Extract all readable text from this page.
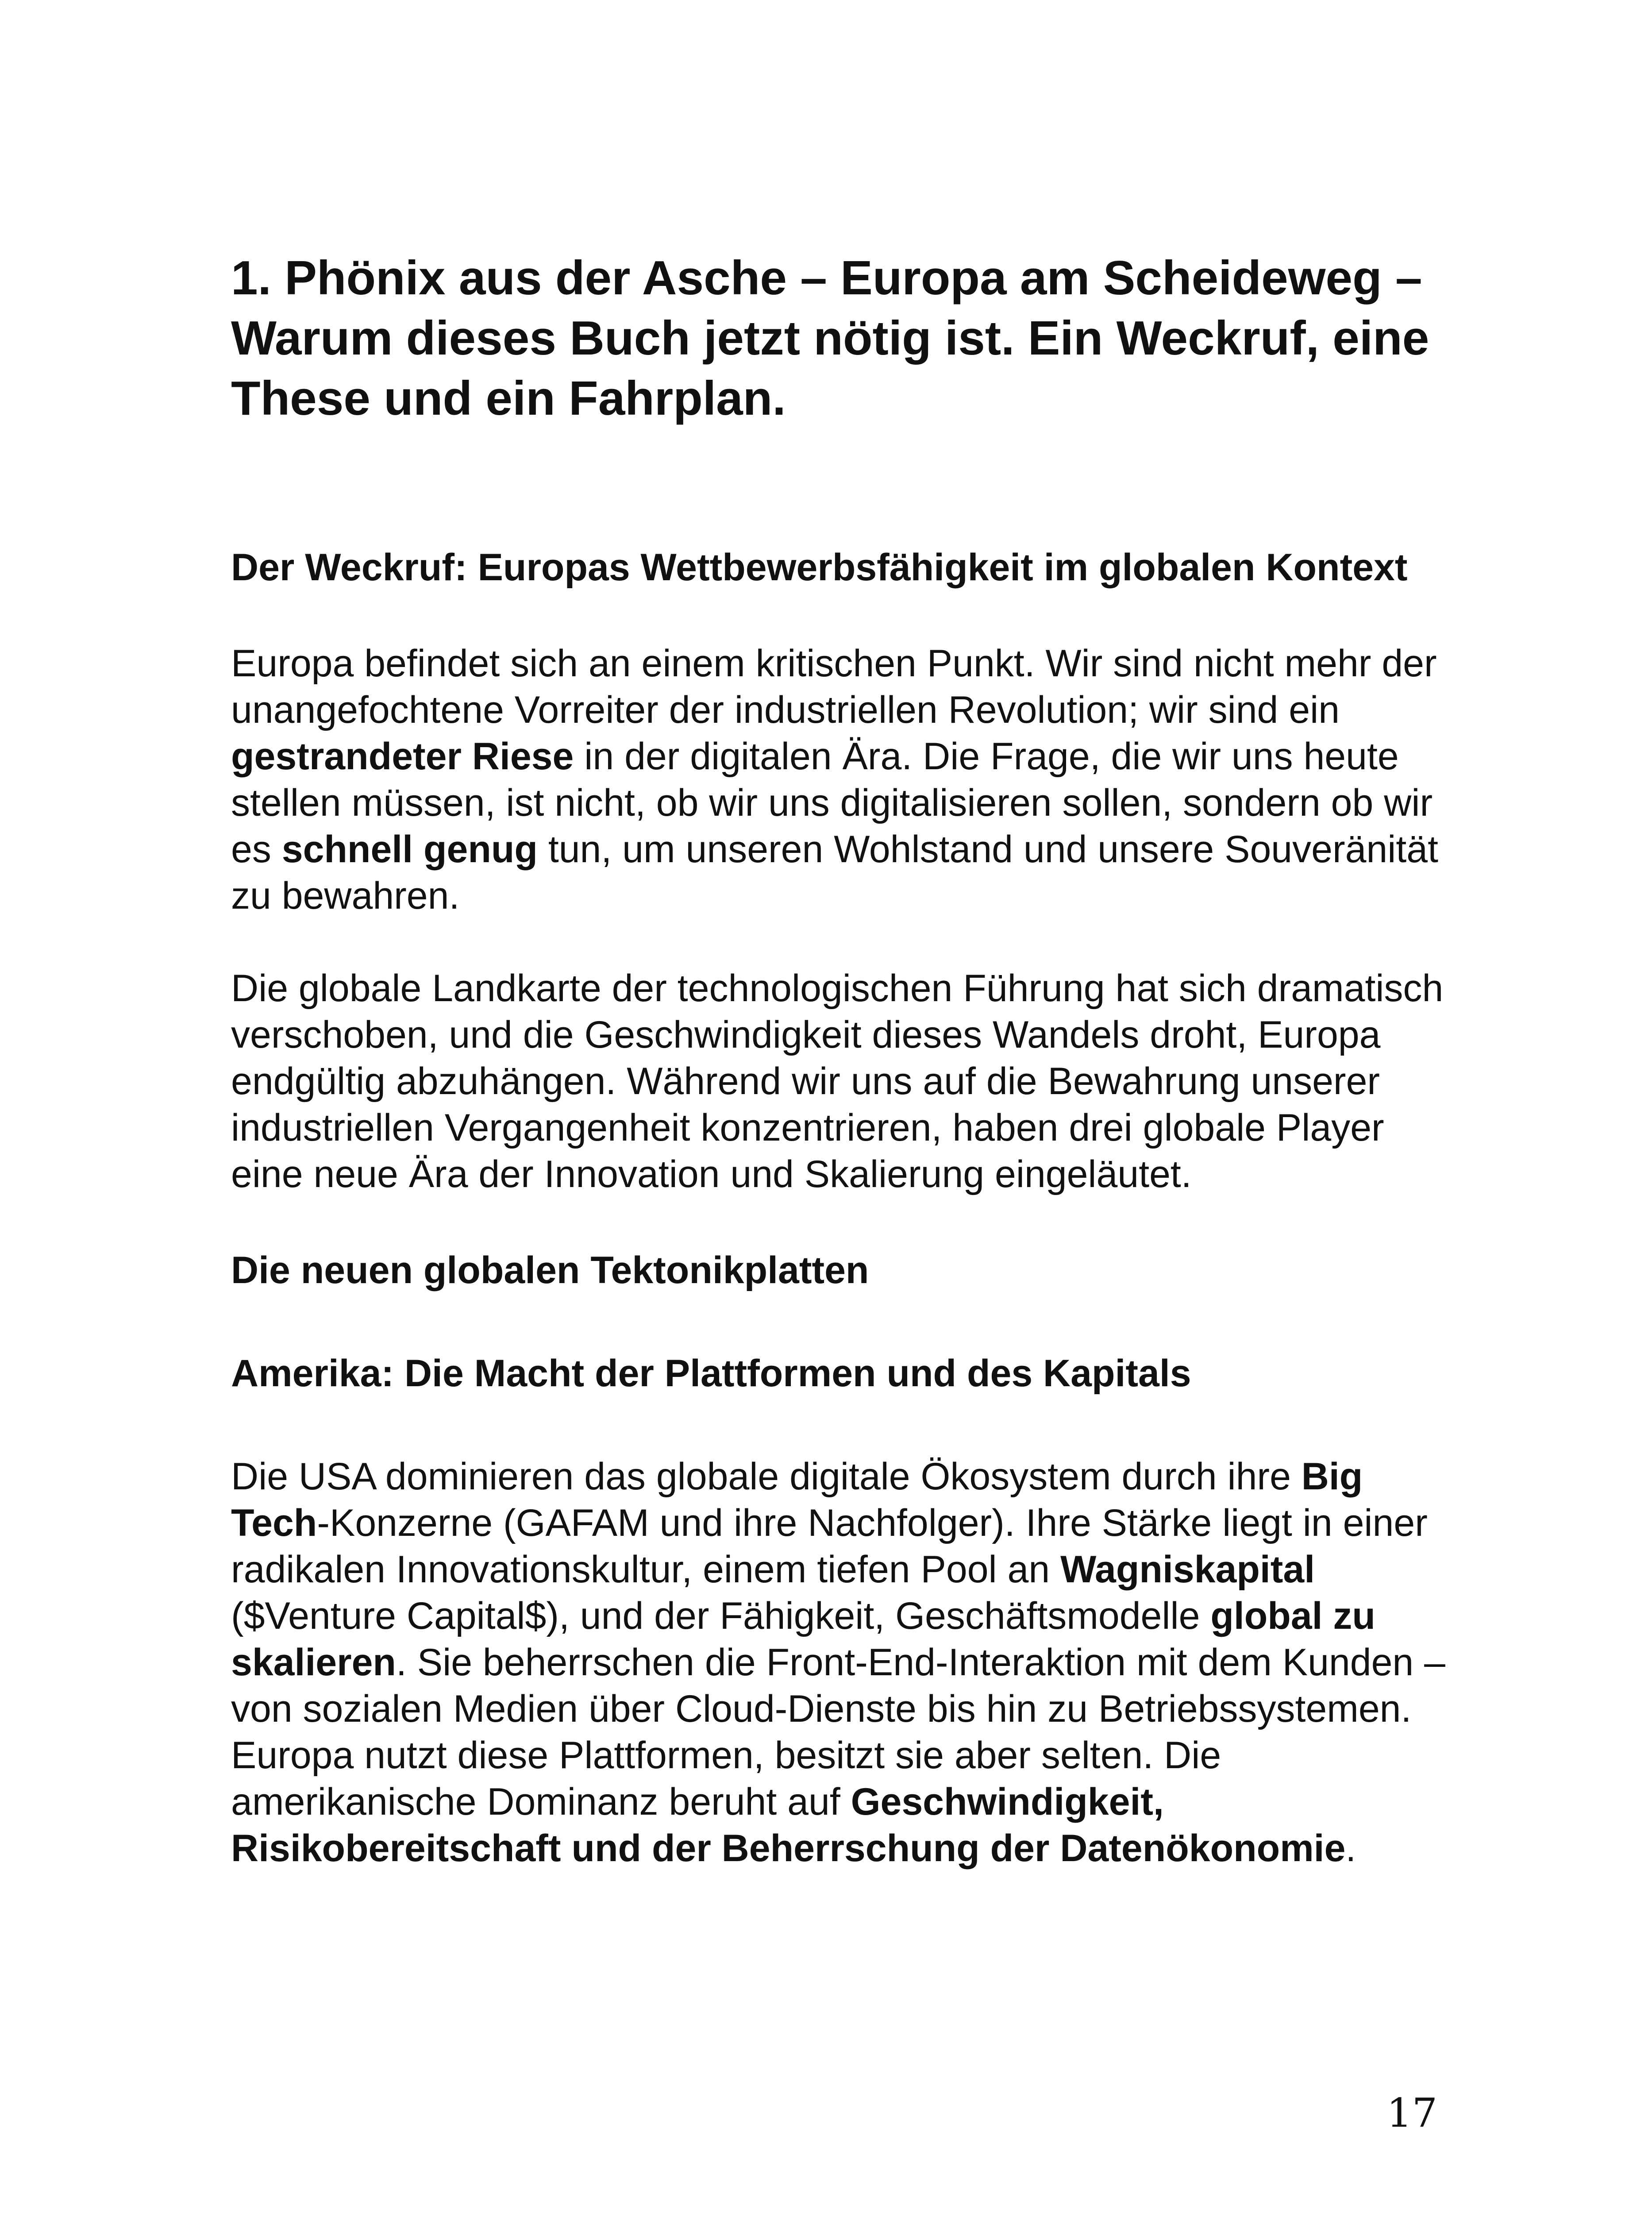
1. Phönix aus der Asche – Europa am Scheideweg – Warum dieses Buch jetzt nötig ist. Ein Weckruf, eine These und ein Fahrplan.
Der Weckruf: Europas Wettbewerbsfähigkeit im globalen Kontext

Europa befindet sich an einem kritischen Punkt. Wir sind nicht mehr der unangefochtene Vorreiter der industriellen Revolution; wir sind ein gestrandeter Riese in der digitalen Ära. Die Frage, die wir uns heute stellen müssen, ist nicht, ob wir uns digitalisieren sollen, sondern ob wir es schnell genug tun, um unseren Wohlstand und unsere Souveränität zu bewahren.

Die globale Landkarte der technologischen Führung hat sich dramatisch verschoben, und die Geschwindigkeit dieses Wandels droht, Europa endgültig abzuhängen. Während wir uns auf die Bewahrung unserer industriellen Vergangenheit konzentrieren, haben drei globale Player eine neue Ära der Innovation und Skalierung eingeläutet.

Die neuen globalen Tektonikplatten
Amerika: Die Macht der Plattformen und des Kapitals

Die USA dominieren das globale digitale Ökosystem durch ihre Big Tech-Konzerne (GAFAM und ihre Nachfolger). Ihre Stärke liegt in einer radikalen Innovationskultur, einem tiefen Pool an Wagniskapital ($Venture Capital$), und der Fähigkeit, Geschäftsmodelle global zu skalieren. Sie beherrschen die Front-End-Interaktion mit dem Kunden – von sozialen Medien über Cloud-Dienste bis hin zu Betriebssystemen. Europa nutzt diese Plattformen, besitzt sie aber selten. Die amerikanische Dominanz beruht auf Geschwindigkeit, Risikobereitschaft und der Beherrschung der Datenökonomie.

17
